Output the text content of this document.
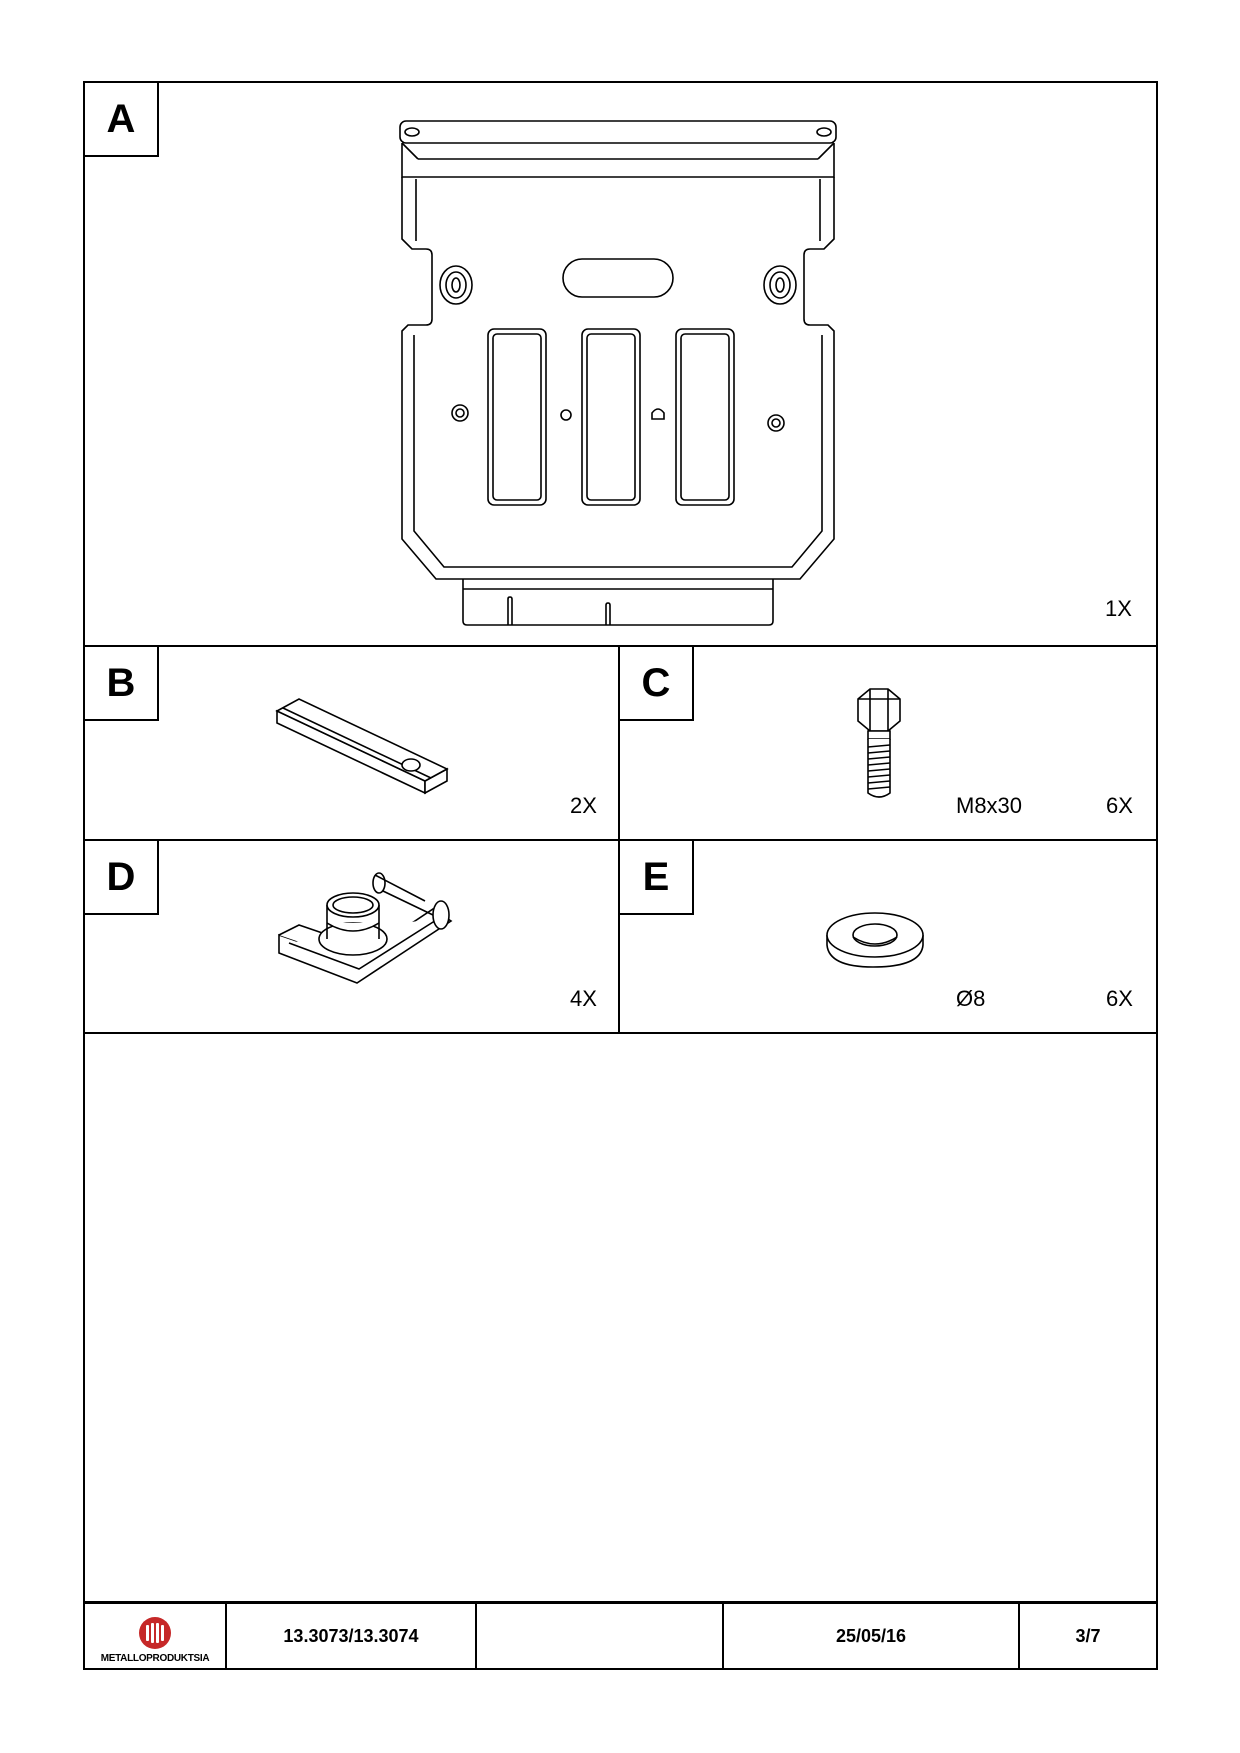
A
1X
B
2X
C
M8x30	6X
D
4X
E
Ø8	6X
METALLOPRODUKTSIA
13.3073/13.3074	25/05/16	3/7
